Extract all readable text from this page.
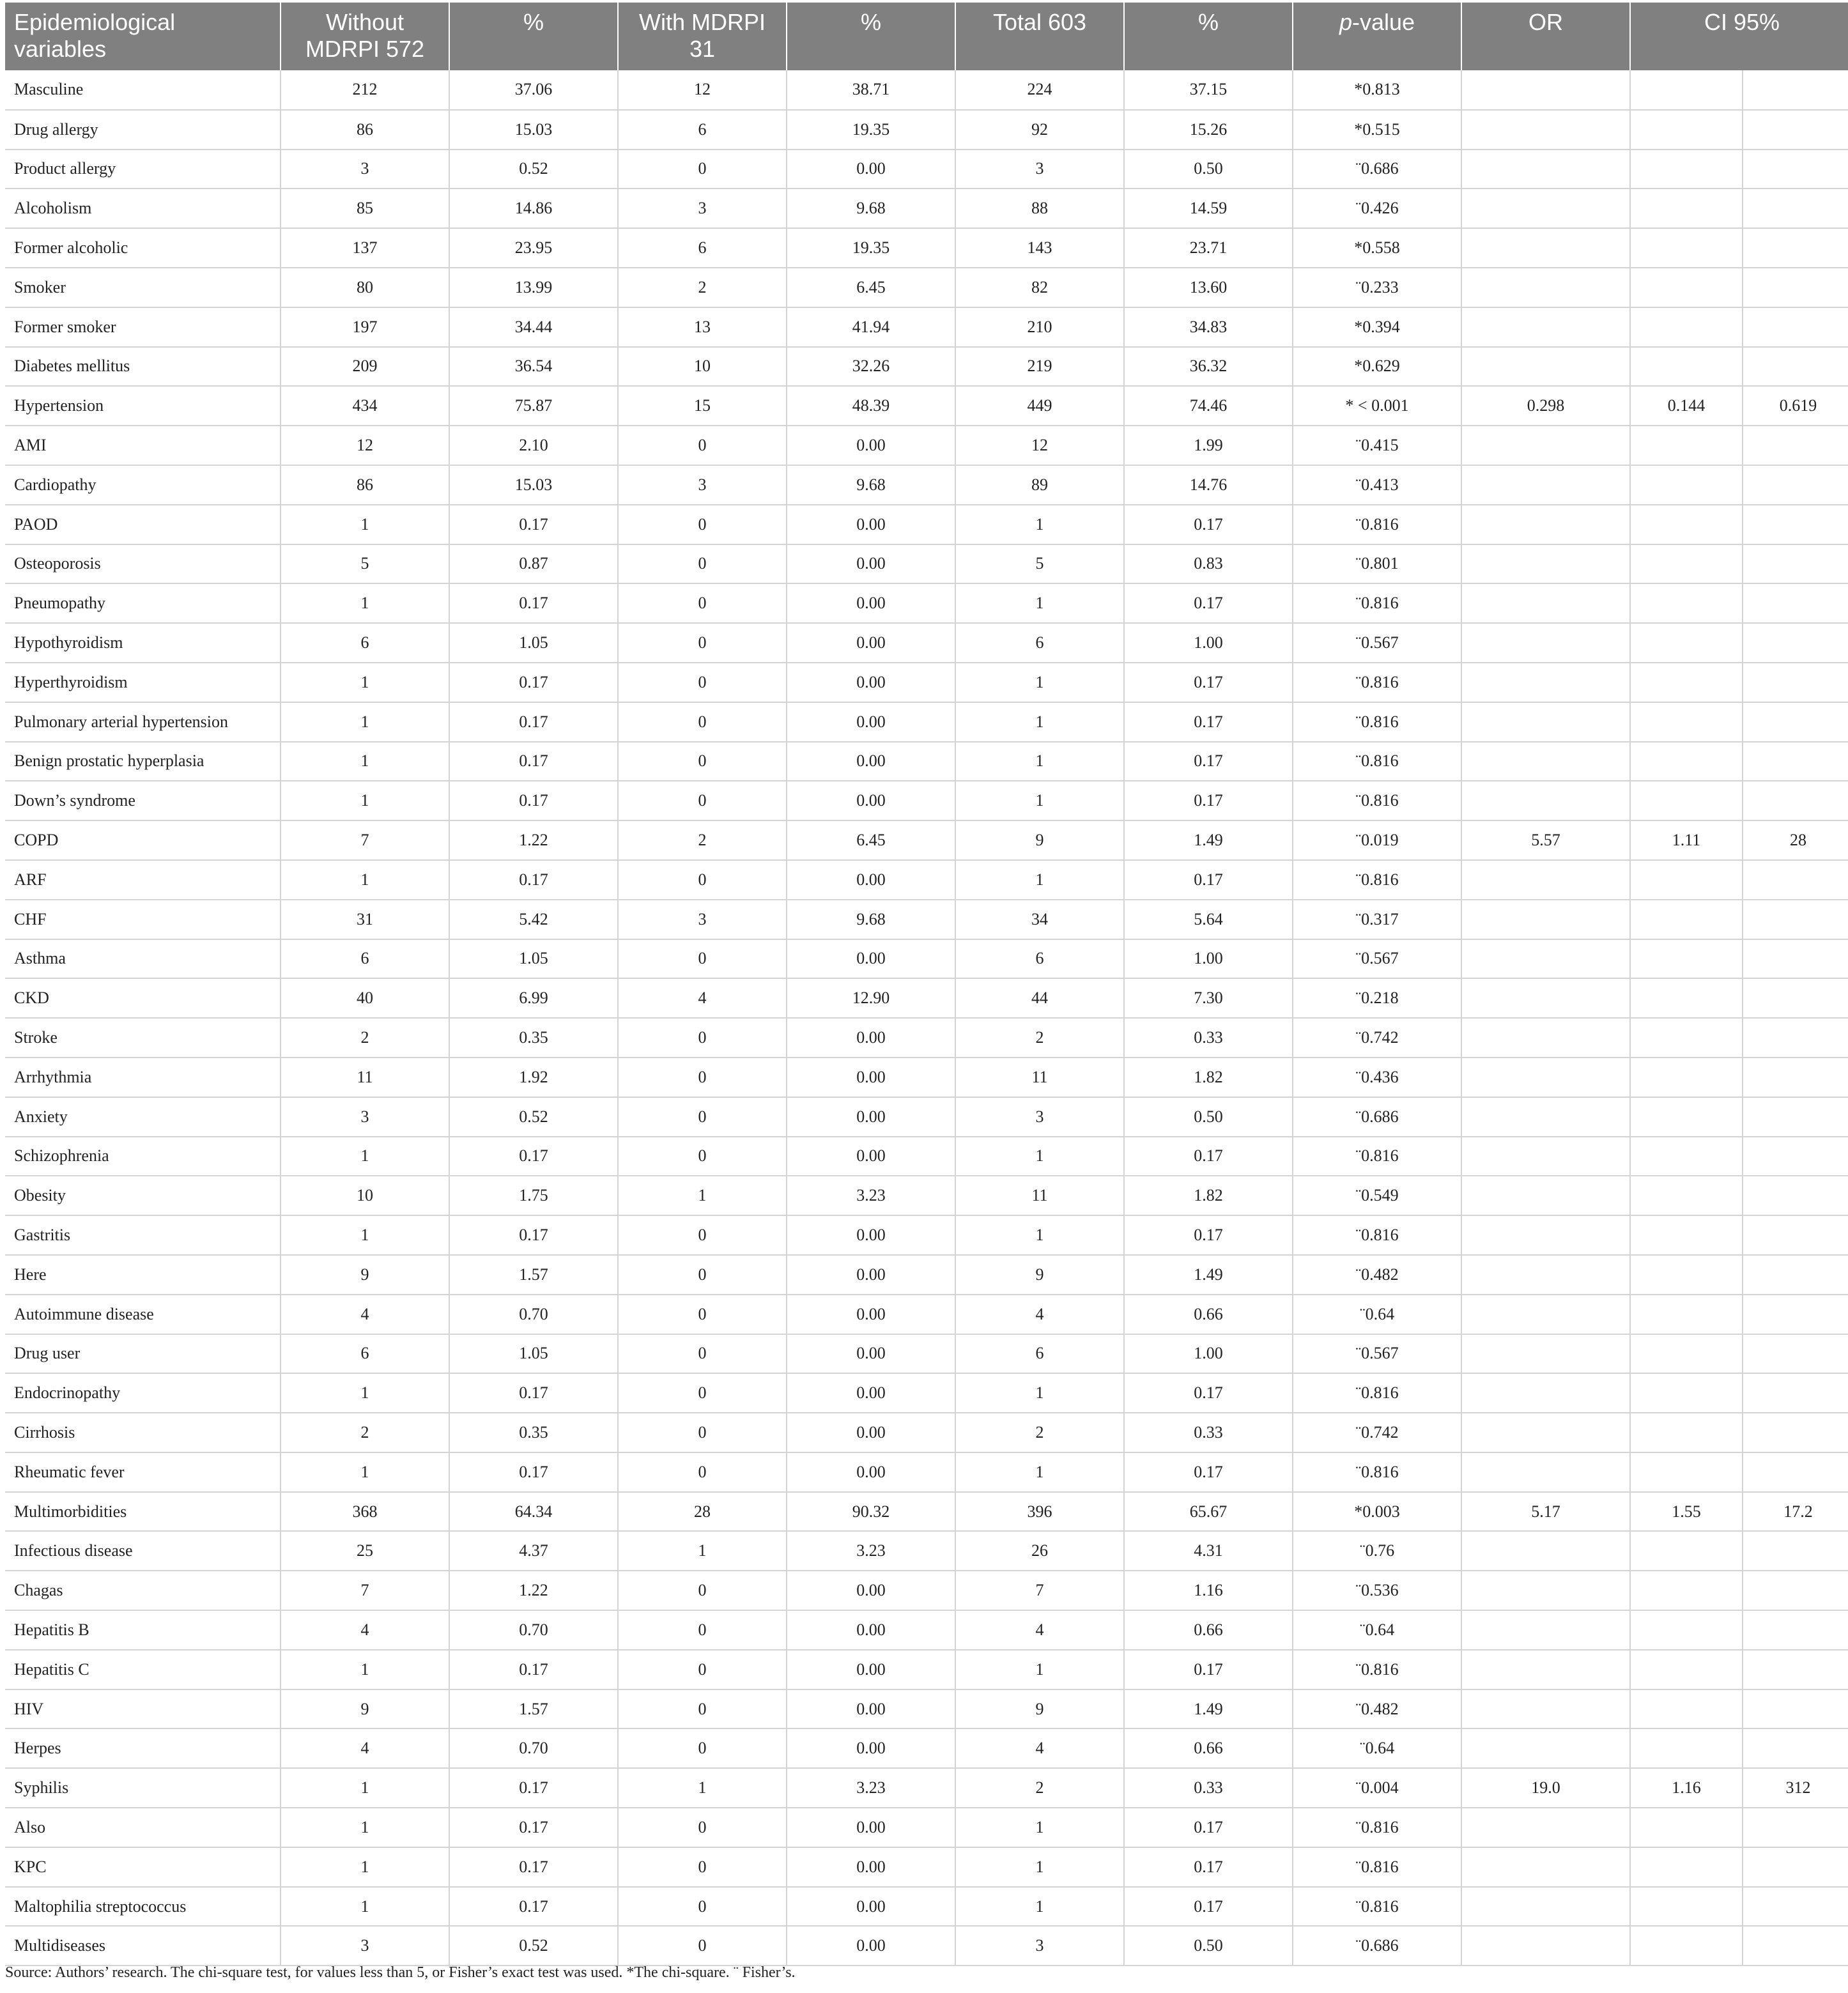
Epidemiological variables	Without MDRPI 572	%	With MDRPI 31	%	Total 603	%	p-value	OR	CI 95%	
Masculine	212	37.06	12	38.71	224	37.15	*0.813			
Drug allergy	86	15.03	6	19.35	92	15.26	*0.515			
Product allergy	3	0.52	0	0.00	3	0.50	¨0.686			
Alcoholism	85	14.86	3	9.68	88	14.59	¨0.426			
Former alcoholic	137	23.95	6	19.35	143	23.71	*0.558			
Smoker	80	13.99	2	6.45	82	13.60	¨0.233			
Former smoker	197	34.44	13	41.94	210	34.83	*0.394			
Diabetes mellitus	209	36.54	10	32.26	219	36.32	*0.629			
Hypertension	434	75.87	15	48.39	449	74.46	* < 0.001	0.298	0.144	0.619
AMI	12	2.10	0	0.00	12	1.99	¨0.415			
Cardiopathy	86	15.03	3	9.68	89	14.76	¨0.413			
PAOD	1	0.17	0	0.00	1	0.17	¨0.816			
Osteoporosis	5	0.87	0	0.00	5	0.83	¨0.801			
Pneumopathy	1	0.17	0	0.00	1	0.17	¨0.816			
Hypothyroidism	6	1.05	0	0.00	6	1.00	¨0.567			
Hyperthyroidism	1	0.17	0	0.00	1	0.17	¨0.816			
Pulmonary arterial hypertension	1	0.17	0	0.00	1	0.17	¨0.816			
Benign prostatic hyperplasia	1	0.17	0	0.00	1	0.17	¨0.816			
Down’s syndrome	1	0.17	0	0.00	1	0.17	¨0.816			
COPD	7	1.22	2	6.45	9	1.49	¨0.019	5.57	1.11	28
ARF	1	0.17	0	0.00	1	0.17	¨0.816			
CHF	31	5.42	3	9.68	34	5.64	¨0.317			
Asthma	6	1.05	0	0.00	6	1.00	¨0.567			
CKD	40	6.99	4	12.90	44	7.30	¨0.218			
Stroke	2	0.35	0	0.00	2	0.33	¨0.742			
Arrhythmia	11	1.92	0	0.00	11	1.82	¨0.436			
Anxiety	3	0.52	0	0.00	3	0.50	¨0.686			
Schizophrenia	1	0.17	0	0.00	1	0.17	¨0.816			
Obesity	10	1.75	1	3.23	11	1.82	¨0.549			
Gastritis	1	0.17	0	0.00	1	0.17	¨0.816			
Here	9	1.57	0	0.00	9	1.49	¨0.482			
Autoimmune disease	4	0.70	0	0.00	4	0.66	¨0.64			
Drug user	6	1.05	0	0.00	6	1.00	¨0.567			
Endocrinopathy	1	0.17	0	0.00	1	0.17	¨0.816			
Cirrhosis	2	0.35	0	0.00	2	0.33	¨0.742			
Rheumatic fever	1	0.17	0	0.00	1	0.17	¨0.816			
Multimorbidities	368	64.34	28	90.32	396	65.67	*0.003	5.17	1.55	17.2
Infectious disease	25	4.37	1	3.23	26	4.31	¨0.76			
Chagas	7	1.22	0	0.00	7	1.16	¨0.536			
Hepatitis B	4	0.70	0	0.00	4	0.66	¨0.64			
Hepatitis C	1	0.17	0	0.00	1	0.17	¨0.816			
HIV	9	1.57	0	0.00	9	1.49	¨0.482			
Herpes	4	0.70	0	0.00	4	0.66	¨0.64			
Syphilis	1	0.17	1	3.23	2	0.33	¨0.004	19.0	1.16	312
Also	1	0.17	0	0.00	1	0.17	¨0.816			
KPC	1	0.17	0	0.00	1	0.17	¨0.816			
Maltophilia streptococcus	1	0.17	0	0.00	1	0.17	¨0.816			
Multidiseases	3	0.52	0	0.00	3	0.50	¨0.686			
Source: Authors’ research. The chi-square test, for values less than 5, or Fisher’s exact test was used. *The chi-square. ¨ Fisher’s.
